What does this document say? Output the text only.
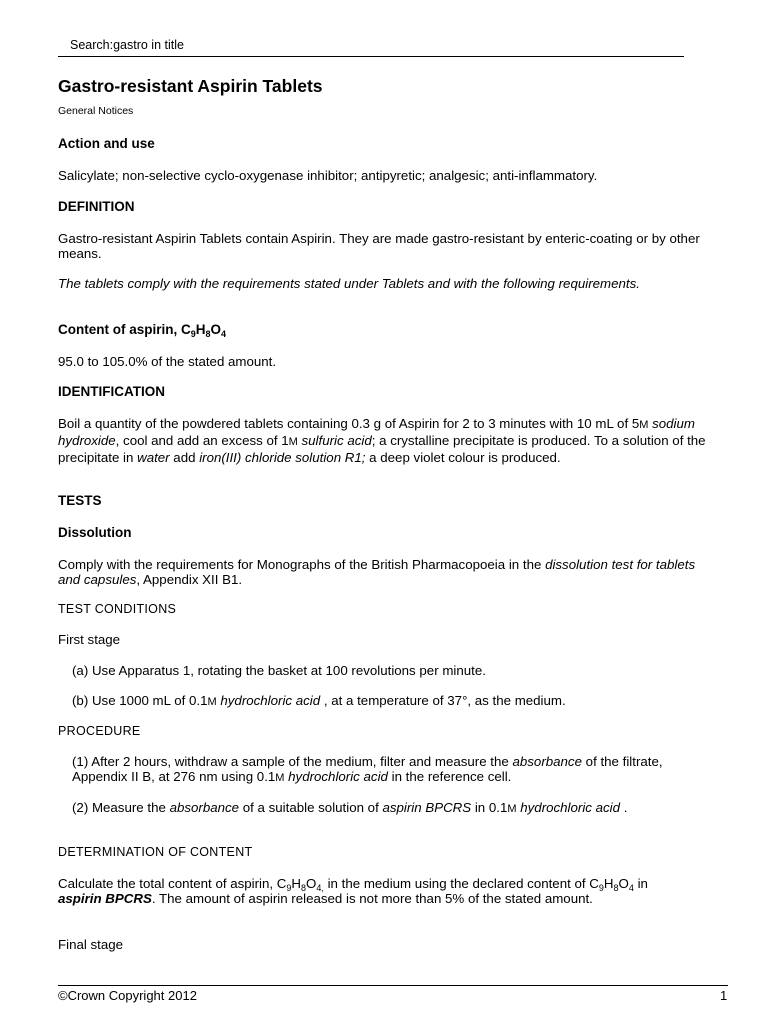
Search:gastro in title
Gastro-resistant Aspirin Tablets
General Notices
Action and use
Salicylate; non-selective cyclo-oxygenase inhibitor; antipyretic; analgesic; anti-inflammatory.
DEFINITION
Gastro-resistant Aspirin Tablets contain Aspirin. They are made gastro-resistant by enteric-coating or by other means.
The tablets comply with the requirements stated under Tablets and with the following requirements.
Content of aspirin, $C_9H_8O_4$
95.0 to 105.0% of the stated amount.
IDENTIFICATION
Boil a quantity of the powdered tablets containing 0.3 g of Aspirin for 2 to 3 minutes with 10 mL of 5M sodium hydroxide, cool and add an excess of 1M sulfuric acid; a crystalline precipitate is produced. To a solution of the precipitate in water add iron(III) chloride solution R1; a deep violet colour is produced.
TESTS
Dissolution
Comply with the requirements for Monographs of the British Pharmacopoeia in the dissolution test for tablets and capsules, Appendix XII B1.
TEST CONDITIONS
First stage
(a) Use Apparatus 1, rotating the basket at 100 revolutions per minute.
(b) Use 1000 mL of 0.1M hydrochloric acid , at a temperature of 37°, as the medium.
PROCEDURE
(1) After 2 hours, withdraw a sample of the medium, filter and measure the absorbance of the filtrate, Appendix II B, at 276 nm using 0.1M hydrochloric acid in the reference cell.
(2) Measure the absorbance of a suitable solution of aspirin BPCRS in 0.1M hydrochloric acid .
DETERMINATION OF CONTENT
Calculate the total content of aspirin, $C_9H_8O_{4,}$ in the medium using the declared content of $C_9H_8O_4$ in aspirin BPCRS. The amount of aspirin released is not more than 5% of the stated amount.
Final stage
©Crown Copyright 2012	1
